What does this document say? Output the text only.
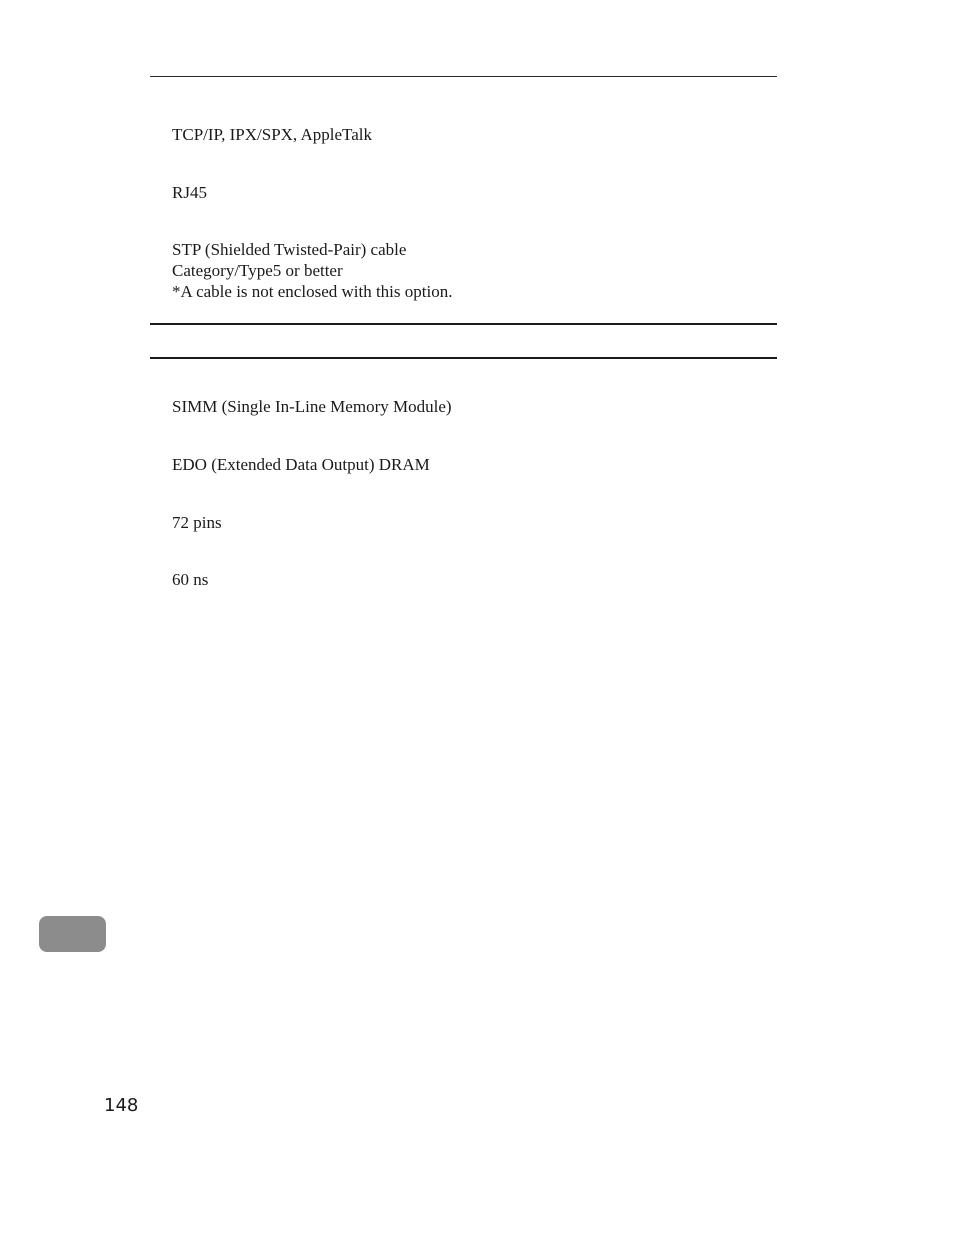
TCP/IP, IPX/SPX, AppleTalk
RJ45
STP (Shielded Twisted-Pair) cable
Category/Type5 or better
*A cable is not enclosed with this option.
SIMM (Single In-Line Memory Module)
EDO (Extended Data Output) DRAM
72 pins
60 ns
148
